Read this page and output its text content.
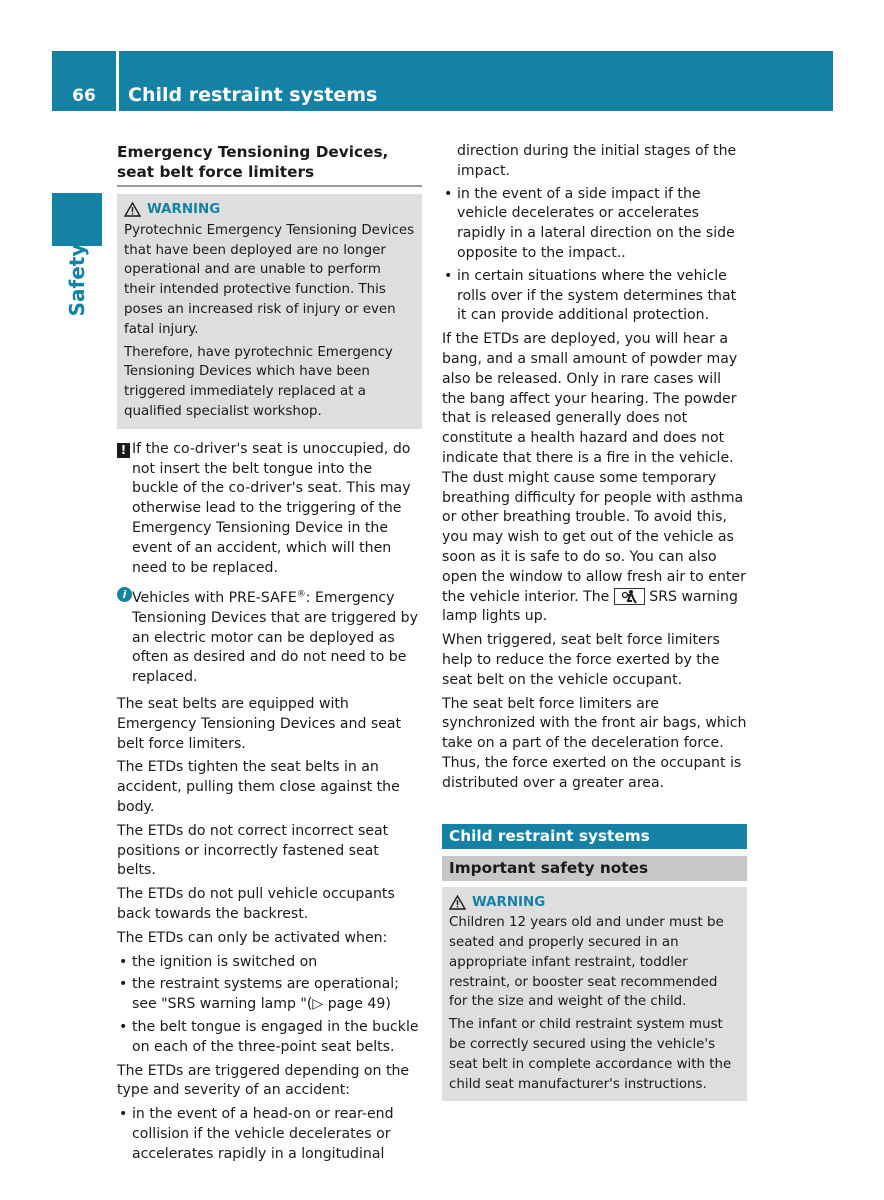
66	Child restraint systems
Safety
Emergency Tensioning Devices, seat belt force limiters
WARNING

Pyrotechnic Emergency Tensioning Devices that have been deployed are no longer operational and are unable to perform their intended protective function. This poses an increased risk of injury or even fatal injury.

Therefore, have pyrotechnic Emergency Tensioning Devices which have been triggered immediately replaced at a qualified specialist workshop.

! If the co-driver's seat is unoccupied, do not insert the belt tongue into the buckle of the co-driver's seat. This may otherwise lead to the triggering of the Emergency Tensioning Device in the event of an accident, which will then need to be replaced.
i Vehicles with PRE-SAFE®: Emergency Tensioning Devices that are triggered by an electric motor can be deployed as often as desired and do not need to be replaced.

The seat belts are equipped with Emergency Tensioning Devices and seat belt force limiters.

The ETDs tighten the seat belts in an accident, pulling them close against the body.

The ETDs do not correct incorrect seat positions or incorrectly fastened seat belts.

The ETDs do not pull vehicle occupants back towards the backrest.

The ETDs can only be activated when:

• the ignition is switched on
• the restraint systems are operational; see "SRS warning lamp "(▷ page 49)
• the belt tongue is engaged in the buckle on each of the three-point seat belts.

The ETDs are triggered depending on the type and severity of an accident:

• in the event of a head-on or rear-end collision if the vehicle decelerates or accelerates rapidly in a longitudinal
direction during the initial stages of the impact.
• in the event of a side impact if the vehicle decelerates or accelerates rapidly in a lateral direction on the side opposite to the impact..
• in certain situations where the vehicle rolls over if the system determines that it can provide additional protection.

If the ETDs are deployed, you will hear a bang, and a small amount of powder may also be released. Only in rare cases will the bang affect your hearing. The powder that is released generally does not constitute a health hazard and does not indicate that there is a fire in the vehicle. The dust might cause some temporary breathing difficulty for people with asthma or other breathing trouble. To avoid this, you may wish to get out of the vehicle as soon as it is safe to do so. You can also open the window to allow fresh air to enter the vehicle interior. The  SRS warning lamp lights up.

When triggered, seat belt force limiters help to reduce the force exerted by the seat belt on the vehicle occupant.

The seat belt force limiters are synchronized with the front air bags, which take on a part of the deceleration force. Thus, the force exerted on the occupant is distributed over a greater area.

Child restraint systems
Important safety notes
WARNING

Children 12 years old and under must be seated and properly secured in an appropriate infant restraint, toddler restraint, or booster seat recommended for the size and weight of the child.

The infant or child restraint system must be correctly secured using the vehicle's seat belt in complete accordance with the child seat manufacturer's instructions.
